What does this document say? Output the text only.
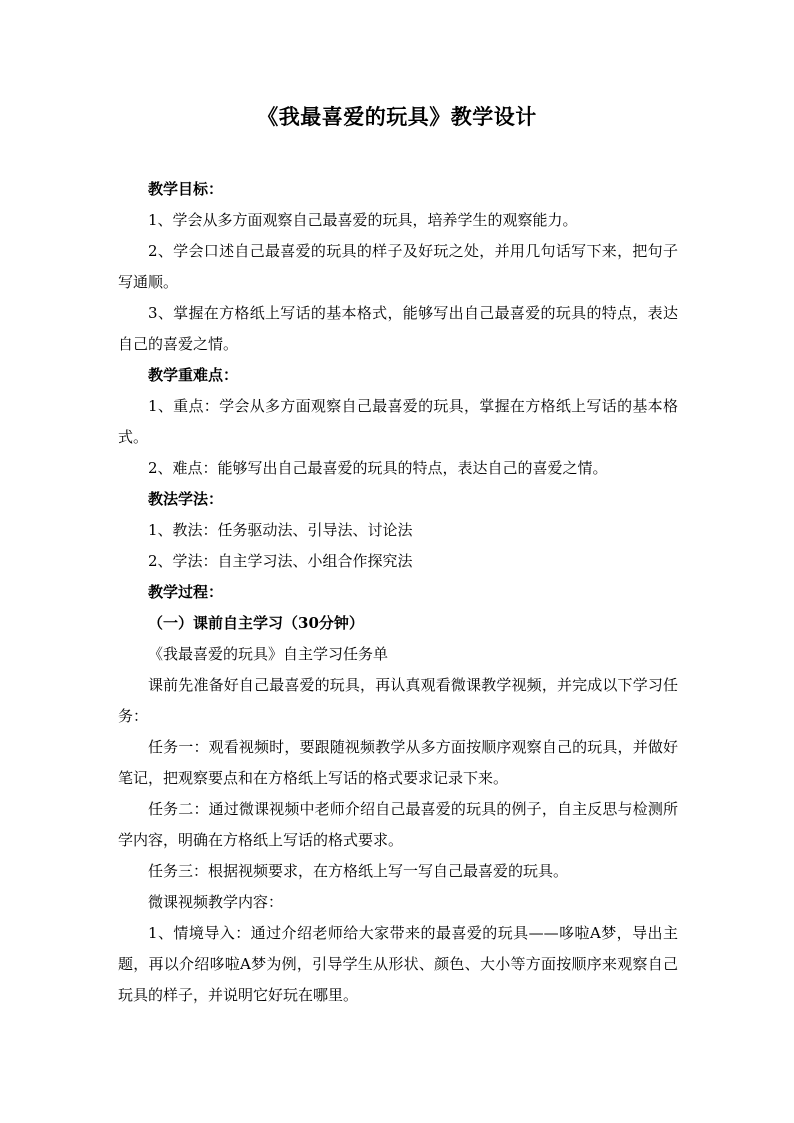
《我最喜爱的玩具》教学设计

教学目标：

1、学会从多方面观察自己最喜爱的玩具，培养学生的观察能力。

2、学会口述自己最喜爱的玩具的样子及好玩之处，并用几句话写下来，把句子写通顺。

3、掌握在方格纸上写话的基本格式，能够写出自己最喜爱的玩具的特点，表达自己的喜爱之情。

教学重难点：

1、重点：学会从多方面观察自己最喜爱的玩具，掌握在方格纸上写话的基本格式。

2、难点：能够写出自己最喜爱的玩具的特点，表达自己的喜爱之情。

教法学法：

1、教法：任务驱动法、引导法、讨论法

2、学法：自主学习法、小组合作探究法

教学过程：

（一）课前自主学习（30分钟）

《我最喜爱的玩具》自主学习任务单

课前先准备好自己最喜爱的玩具，再认真观看微课教学视频，并完成以下学习任务：

任务一：观看视频时，要跟随视频教学从多方面按顺序观察自己的玩具，并做好笔记，把观察要点和在方格纸上写话的格式要求记录下来。

任务二：通过微课视频中老师介绍自己最喜爱的玩具的例子，自主反思与检测所学内容，明确在方格纸上写话的格式要求。

任务三：根据视频要求，在方格纸上写一写自己最喜爱的玩具。

微课视频教学内容：

1、情境导入：通过介绍老师给大家带来的最喜爱的玩具——哆啦A梦，导出主题，再以介绍哆啦A梦为例，引导学生从形状、颜色、大小等方面按顺序来观察自己玩具的样子，并说明它好玩在哪里。
